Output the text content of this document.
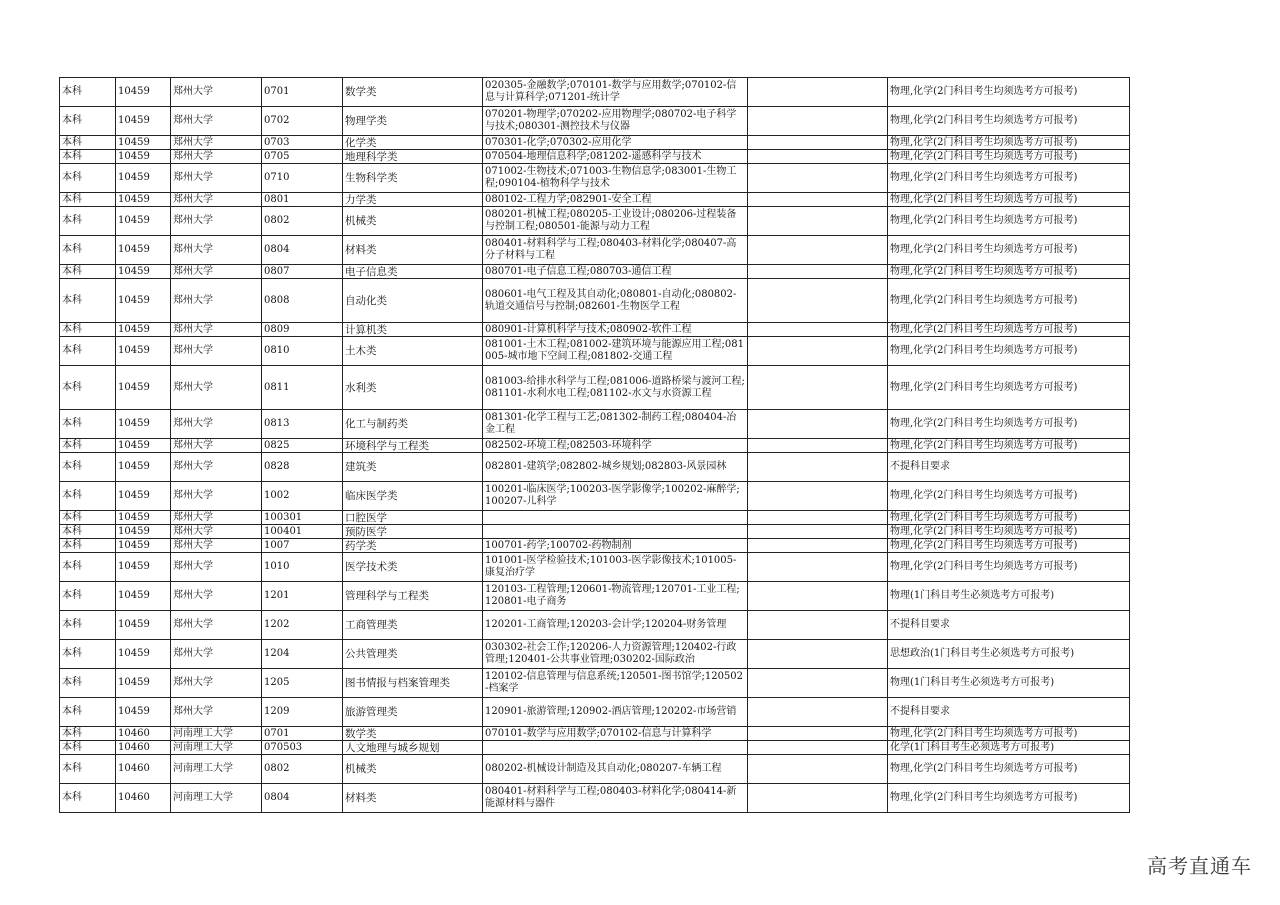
本科	10459	郑州大学	0701	数学类	020305-金融数学;070101-数学与应用数学;070102-信息与计算科学;071201-统计学		物理,化学(2门科目考生均须选考方可报考)
本科	10459	郑州大学	0702	物理学类	070201-物理学;070202-应用物理学;080702-电子科学与技术;080301-测控技术与仪器		物理,化学(2门科目考生均须选考方可报考)
本科	10459	郑州大学	0703	化学类	070301-化学;070302-应用化学		物理,化学(2门科目考生均须选考方可报考)
本科	10459	郑州大学	0705	地理科学类	070504-地理信息科学;081202-遥感科学与技术		物理,化学(2门科目考生均须选考方可报考)
本科	10459	郑州大学	0710	生物科学类	071002-生物技术;071003-生物信息学;083001-生物工程;090104-植物科学与技术		物理,化学(2门科目考生均须选考方可报考)
本科	10459	郑州大学	0801	力学类	080102-工程力学;082901-安全工程		物理,化学(2门科目考生均须选考方可报考)
本科	10459	郑州大学	0802	机械类	080201-机械工程;080205-工业设计;080206-过程装备与控制工程;080501-能源与动力工程		物理,化学(2门科目考生均须选考方可报考)
本科	10459	郑州大学	0804	材料类	080401-材料科学与工程;080403-材料化学;080407-高分子材料与工程		物理,化学(2门科目考生均须选考方可报考)
本科	10459	郑州大学	0807	电子信息类	080701-电子信息工程;080703-通信工程		物理,化学(2门科目考生均须选考方可报考)
本科	10459	郑州大学	0808	自动化类	080601-电气工程及其自动化;080801-自动化;080802-轨道交通信号与控制;082601-生物医学工程		物理,化学(2门科目考生均须选考方可报考)
本科	10459	郑州大学	0809	计算机类	080901-计算机科学与技术;080902-软件工程		物理,化学(2门科目考生均须选考方可报考)
本科	10459	郑州大学	0810	土木类	081001-土木工程;081002-建筑环境与能源应用工程;081005-城市地下空间工程;081802-交通工程		物理,化学(2门科目考生均须选考方可报考)
本科	10459	郑州大学	0811	水利类	081003-给排水科学与工程;081006-道路桥梁与渡河工程;081101-水利水电工程;081102-水文与水资源工程		物理,化学(2门科目考生均须选考方可报考)
本科	10459	郑州大学	0813	化工与制药类	081301-化学工程与工艺;081302-制药工程;080404-冶金工程		物理,化学(2门科目考生均须选考方可报考)
本科	10459	郑州大学	0825	环境科学与工程类	082502-环境工程;082503-环境科学		物理,化学(2门科目考生均须选考方可报考)
本科	10459	郑州大学	0828	建筑类	082801-建筑学;082802-城乡规划;082803-风景园林		不提科目要求
本科	10459	郑州大学	1002	临床医学类	100201-临床医学;100203-医学影像学;100202-麻醉学;100207-儿科学		物理,化学(2门科目考生均须选考方可报考)
本科	10459	郑州大学	100301	口腔医学			物理,化学(2门科目考生均须选考方可报考)
本科	10459	郑州大学	100401	预防医学			物理,化学(2门科目考生均须选考方可报考)
本科	10459	郑州大学	1007	药学类	100701-药学;100702-药物制剂		物理,化学(2门科目考生均须选考方可报考)
本科	10459	郑州大学	1010	医学技术类	101001-医学检验技术;101003-医学影像技术;101005-康复治疗学		物理,化学(2门科目考生均须选考方可报考)
本科	10459	郑州大学	1201	管理科学与工程类	120103-工程管理;120601-物流管理;120701-工业工程;120801-电子商务		物理(1门科目考生必须选考方可报考)
本科	10459	郑州大学	1202	工商管理类	120201-工商管理;120203-会计学;120204-财务管理		不提科目要求
本科	10459	郑州大学	1204	公共管理类	030302-社会工作;120206-人力资源管理;120402-行政管理;120401-公共事业管理;030202-国际政治		思想政治(1门科目考生必须选考方可报考)
本科	10459	郑州大学	1205	图书情报与档案管理类	120102-信息管理与信息系统;120501-图书馆学;120502-档案学		物理(1门科目考生必须选考方可报考)
本科	10459	郑州大学	1209	旅游管理类	120901-旅游管理;120902-酒店管理;120202-市场营销		不提科目要求
本科	10460	河南理工大学	0701	数学类	070101-数学与应用数学;070102-信息与计算科学		物理,化学(2门科目考生均须选考方可报考)
本科	10460	河南理工大学	070503	人文地理与城乡规划			化学(1门科目考生必须选考方可报考)
本科	10460	河南理工大学	0802	机械类	080202-机械设计制造及其自动化;080207-车辆工程		物理,化学(2门科目考生均须选考方可报考)
本科	10460	河南理工大学	0804	材料类	080401-材料科学与工程;080403-材料化学;080414-新能源材料与器件		物理,化学(2门科目考生均须选考方可报考)
高考直通车
